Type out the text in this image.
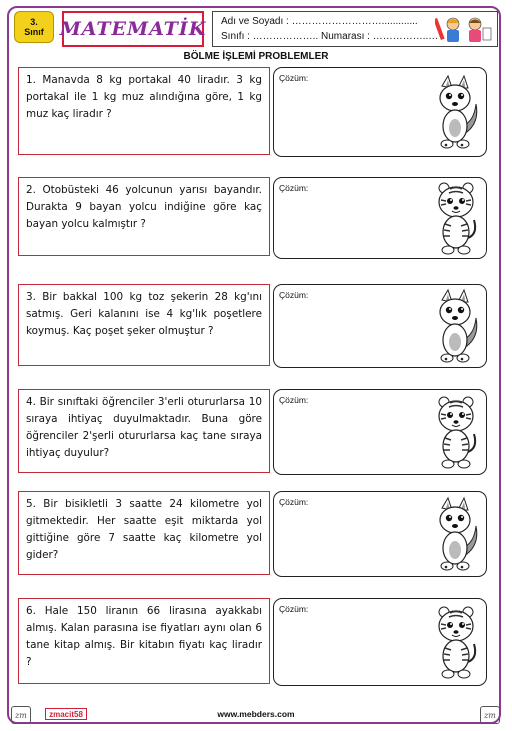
3.
Sınıf MATEMATİK Adı ve Soyadı : ……………………….............
Sınıfı : ……………….. Numarası : ……………..…
BÖLME İŞLEMİ PROBLEMLER
1. Manavda 8 kg portakal 40 liradır. 3 kg portakal ile 1 kg muz alındığına göre, 1 kg muz kaç liradır ?
Çözüm:
2. Otobüsteki 46 yolcunun yarısı bayandır. Durakta 9 bayan yolcu indiğine göre kaç bayan yolcu kalmıştır ?
Çözüm:
3. Bir bakkal 100 kg toz şekerin 28 kg'ını satmış. Geri kalanını ise 4 kg'lık poşetlere koymuş. Kaç poşet şeker olmuştur ?
Çözüm:
4. Bir sınıftaki öğrenciler 3'erli otururlarsa 10 sıraya ihtiyaç duyulmaktadır. Buna göre öğrenciler 2'şerli otururlarsa kaç tane sıraya ihtiyaç duyulur?
Çözüm:
5. Bir bisikletli 3 saatte 24 kilometre yol gitmektedir. Her saatte eşit miktarda yol gittiğine göre 7 saatte kaç kilometre yol gider?
Çözüm:
6. Hale 150 liranın 66 lirasına ayakkabı almış. Kalan parasına ise fiyatları aynı olan 6 tane kitap almış. Bir kitabın fiyatı kaç liradır ?
Çözüm:
zm	zmacit58	www.mebders.com	zm
